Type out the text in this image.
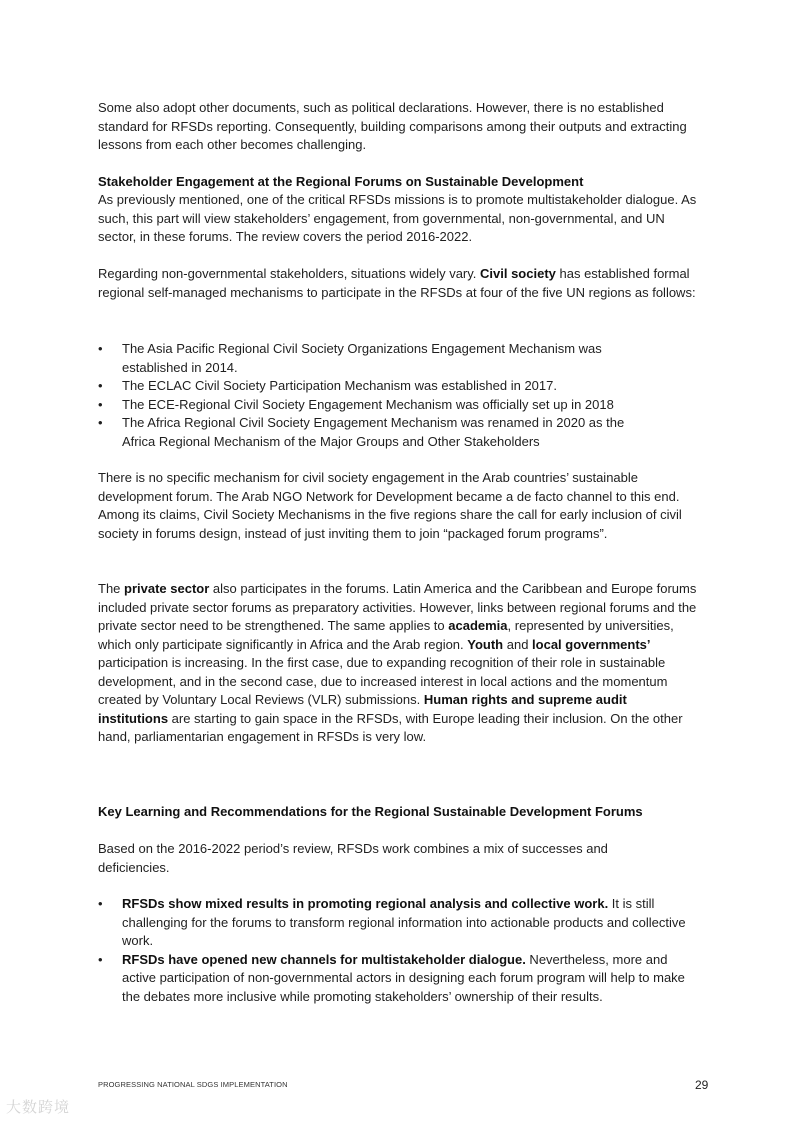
Some also adopt other documents, such as political declarations. However, there is no established standard for RFSDs reporting. Consequently, building comparisons among their outputs and extracting lessons from each other becomes challenging.

Stakeholder Engagement at the Regional Forums on Sustainable Development

As previously mentioned, one of the critical RFSDs missions is to promote multistakeholder dialogue. As such, this part will view stakeholders’ engagement, from governmental, non-governmental, and UN sector, in these forums. The review covers the period 2016-2022.

Regarding non-governmental stakeholders, situations widely vary. Civil society has established formal regional self-managed mechanisms to participate in the RFSDs at four of the five UN regions as follows:

• The Asia Pacific Regional Civil Society Organizations Engagement Mechanism was established in 2014.
• The ECLAC Civil Society Participation Mechanism was established in 2017.
• The ECE-Regional Civil Society Engagement Mechanism was officially set up in 2018
• The Africa Regional Civil Society Engagement Mechanism was renamed in 2020 as the Africa Regional Mechanism of the Major Groups and Other Stakeholders

There is no specific mechanism for civil society engagement in the Arab countries’ sustainable development forum. The Arab NGO Network for Development became a de facto channel to this end. Among its claims, Civil Society Mechanisms in the five regions share the call for early inclusion of civil society in forums design, instead of just inviting them to join “packaged forum programs”.

The private sector also participates in the forums. Latin America and the Caribbean and Europe forums included private sector forums as preparatory activities. However, links between regional forums and the private sector need to be strengthened. The same applies to academia, represented by universities, which only participate significantly in Africa and the Arab region. Youth and local governments’ participation is increasing. In the first case, due to expanding recognition of their role in sustainable development, and in the second case, due to increased interest in local actions and the momentum created by Voluntary Local Reviews (VLR) submissions. Human rights and supreme audit institutions are starting to gain space in the RFSDs, with Europe leading their inclusion. On the other hand, parliamentarian engagement in RFSDs is very low.

Key Learning and Recommendations for the Regional Sustainable Development Forums

Based on the 2016-2022 period’s review, RFSDs work combines a mix of successes and deficiencies.

• RFSDs show mixed results in promoting regional analysis and collective work. It is still challenging for the forums to transform regional information into actionable products and collective work.
• RFSDs have opened new channels for multistakeholder dialogue. Nevertheless, more and active participation of non-governmental actors in designing each forum program will help to make the debates more inclusive while promoting stakeholders’ ownership of their results.
PROGRESSING NATIONAL SDGS IMPLEMENTATION	29
大数跨境
